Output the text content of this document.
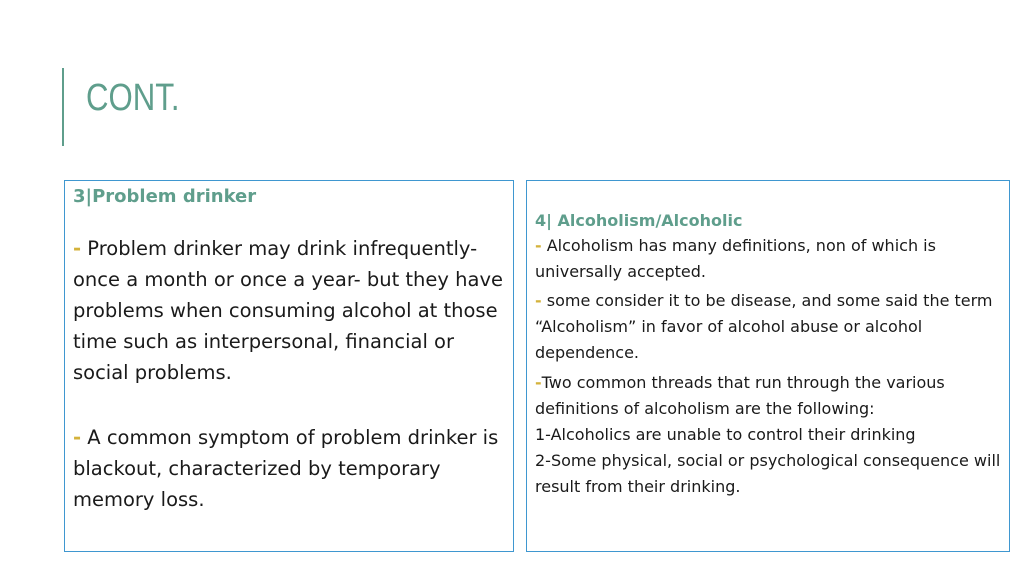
CONT.

3|Problem drinker

- Problem drinker may drink infrequently- once a month or once a year- but they have problems when consuming alcohol at those time such as interpersonal, financial or social problems.

- A common symptom of problem drinker is blackout, characterized by temporary memory loss.

4| Alcoholism/Alcoholic

- Alcoholism has many definitions, non of which is universally accepted.

- some consider it to be disease, and some said the term “Alcoholism” in favor of alcohol abuse or alcohol dependence.

-Two common threads that run through the various definitions of alcoholism are the following:

1-Alcoholics are unable to control their drinking

2-Some physical, social or psychological consequence will result from their drinking.
